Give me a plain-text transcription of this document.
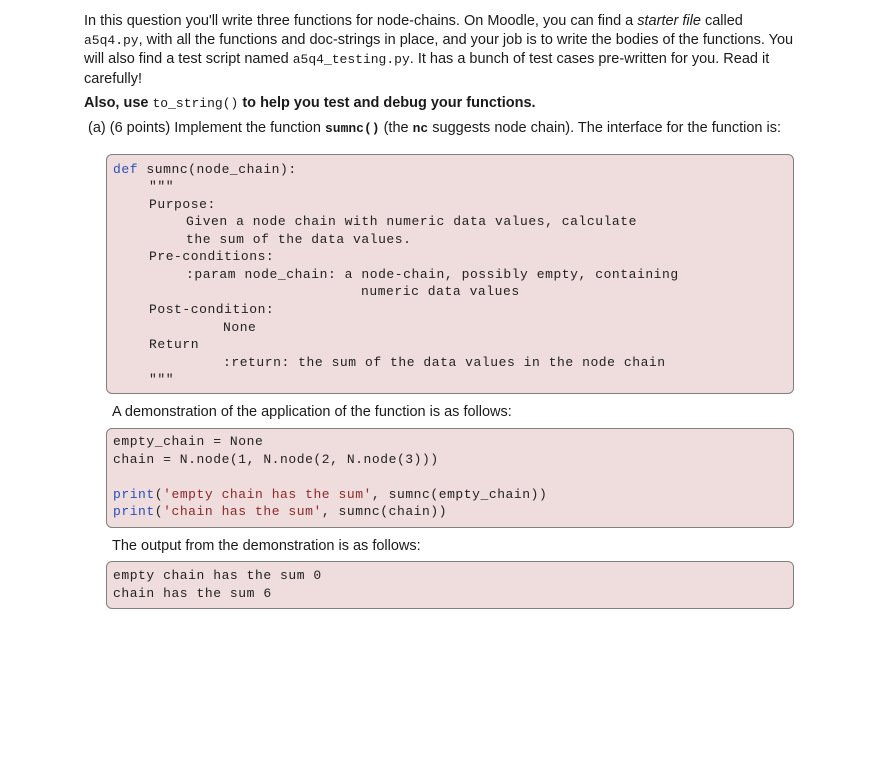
In this question you'll write three functions for node-chains. On Moodle, you can find a starter file called a5q4.py, with all the functions and doc-strings in place, and your job is to write the bodies of the functions. You will also find a test script named a5q4_testing.py. It has a bunch of test cases pre-written for you. Read it carefully!

Also, use to_string() to help you test and debug your functions.

(a) (6 points) Implement the function sumnc() (the nc suggests node chain). The interface for the function is:
def sumnc(node_chain):
"""
Purpose:
Given a node chain with numeric data values, calculate
the sum of the data values.
Pre-conditions:
:param node_chain: a node-chain, possibly empty, containing
numeric data values
Post-condition:
None
Return
:return: the sum of the data values in the node chain
"""
A demonstration of the application of the function is as follows:
empty_chain = None
chain = N.node(1, N.node(2, N.node(3)))
print('empty chain has the sum', sumnc(empty_chain))
print('chain has the sum', sumnc(chain))
The output from the demonstration is as follows:
empty chain has the sum 0
chain has the sum 6
